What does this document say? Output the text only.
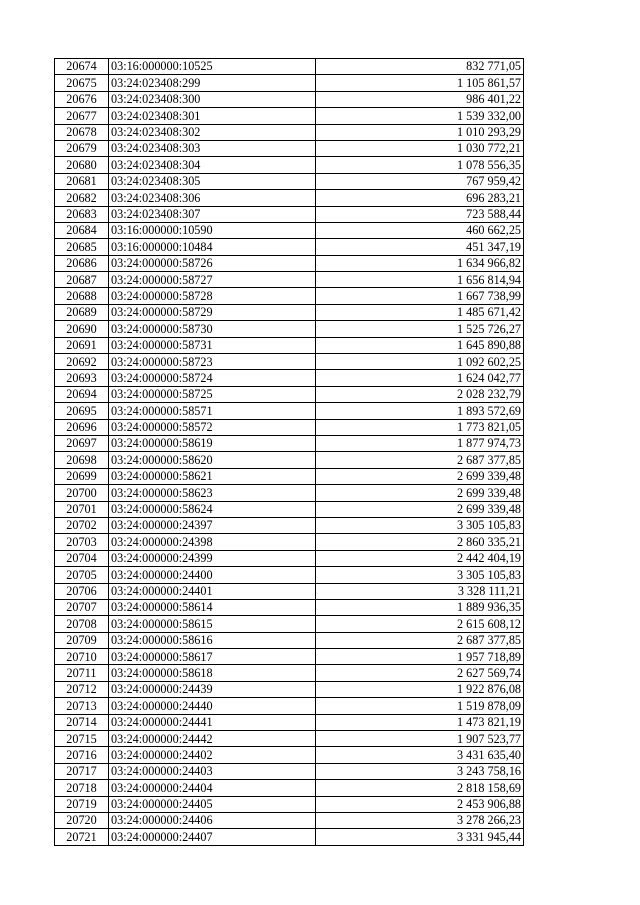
20674	03:16:000000:10525	832 771,05
20675	03:24:023408:299	1 105 861,57
20676	03:24:023408:300	986 401,22
20677	03:24:023408:301	1 539 332,00
20678	03:24:023408:302	1 010 293,29
20679	03:24:023408:303	1 030 772,21
20680	03:24:023408:304	1 078 556,35
20681	03:24:023408:305	767 959,42
20682	03:24:023408:306	696 283,21
20683	03:24:023408:307	723 588,44
20684	03:16:000000:10590	460 662,25
20685	03:16:000000:10484	451 347,19
20686	03:24:000000:58726	1 634 966,82
20687	03:24:000000:58727	1 656 814,94
20688	03:24:000000:58728	1 667 738,99
20689	03:24:000000:58729	1 485 671,42
20690	03:24:000000:58730	1 525 726,27
20691	03:24:000000:58731	1 645 890,88
20692	03:24:000000:58723	1 092 602,25
20693	03:24:000000:58724	1 624 042,77
20694	03:24:000000:58725	2 028 232,79
20695	03:24:000000:58571	1 893 572,69
20696	03:24:000000:58572	1 773 821,05
20697	03:24:000000:58619	1 877 974,73
20698	03:24:000000:58620	2 687 377,85
20699	03:24:000000:58621	2 699 339,48
20700	03:24:000000:58623	2 699 339,48
20701	03:24:000000:58624	2 699 339,48
20702	03:24:000000:24397	3 305 105,83
20703	03:24:000000:24398	2 860 335,21
20704	03:24:000000:24399	2 442 404,19
20705	03:24:000000:24400	3 305 105,83
20706	03:24:000000:24401	3 328 111,21
20707	03:24:000000:58614	1 889 936,35
20708	03:24:000000:58615	2 615 608,12
20709	03:24:000000:58616	2 687 377,85
20710	03:24:000000:58617	1 957 718,89
20711	03:24:000000:58618	2 627 569,74
20712	03:24:000000:24439	1 922 876,08
20713	03:24:000000:24440	1 519 878,09
20714	03:24:000000:24441	1 473 821,19
20715	03:24:000000:24442	1 907 523,77
20716	03:24:000000:24402	3 431 635,40
20717	03:24:000000:24403	3 243 758,16
20718	03:24:000000:24404	2 818 158,69
20719	03:24:000000:24405	2 453 906,88
20720	03:24:000000:24406	3 278 266,23
20721	03:24:000000:24407	3 331 945,44
